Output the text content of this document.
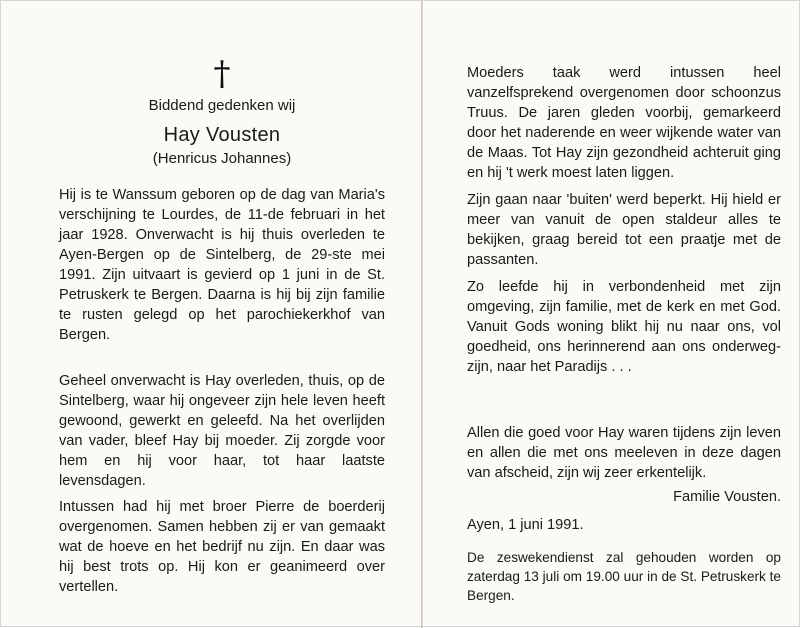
†
Biddend gedenken wij
Hay Vousten
(Henricus Johannes)

Hij is te Wanssum geboren op de dag van Maria's verschijning te Lourdes, de 11-de februari in het jaar 1928. Onverwacht is hij thuis overleden te Ayen-Bergen op de Sintelberg, de 29-ste mei 1991. Zijn uitvaart is gevierd op 1 juni in de St. Petruskerk te Bergen. Daarna is hij bij zijn familie te rusten gelegd op het parochiekerkhof van Bergen.

Geheel onverwacht is Hay overleden, thuis, op de Sintelberg, waar hij ongeveer zijn hele leven heeft gewoond, gewerkt en geleefd. Na het overlijden van vader, bleef Hay bij moeder. Zij zorgde voor hem en hij voor haar, tot haar laatste levensdagen.

Intussen had hij met broer Pierre de boerderij overgenomen. Samen hebben zij er van gemaakt wat de hoeve en het bedrijf nu zijn. En daar was hij best trots op. Hij kon er geanimeerd over vertellen.

Moeders taak werd intussen heel vanzelfsprekend overgenomen door schoonzus Truus. De jaren gleden voorbij, gemarkeerd door het naderende en weer wijkende water van de Maas. Tot Hay zijn gezondheid achteruit ging en hij 't werk moest laten liggen.

Zijn gaan naar 'buiten' werd beperkt. Hij hield er meer van vanuit de open staldeur alles te bekijken, graag bereid tot een praatje met de passanten.

Zo leefde hij in verbondenheid met zijn omgeving, zijn familie, met de kerk en met God. Vanuit Gods woning blikt hij nu naar ons, vol goedheid, ons herinnerend aan ons onderweg-zijn, naar het Paradijs . . .

Allen die goed voor Hay waren tijdens zijn leven en allen die met ons meeleven in deze dagen van afscheid, zijn wij zeer erkentelijk.

Familie Vousten.
Ayen, 1 juni 1991.

De zeswekendienst zal gehouden worden op zaterdag 13 juli om 19.00 uur in de St. Petruskerk te Bergen.
